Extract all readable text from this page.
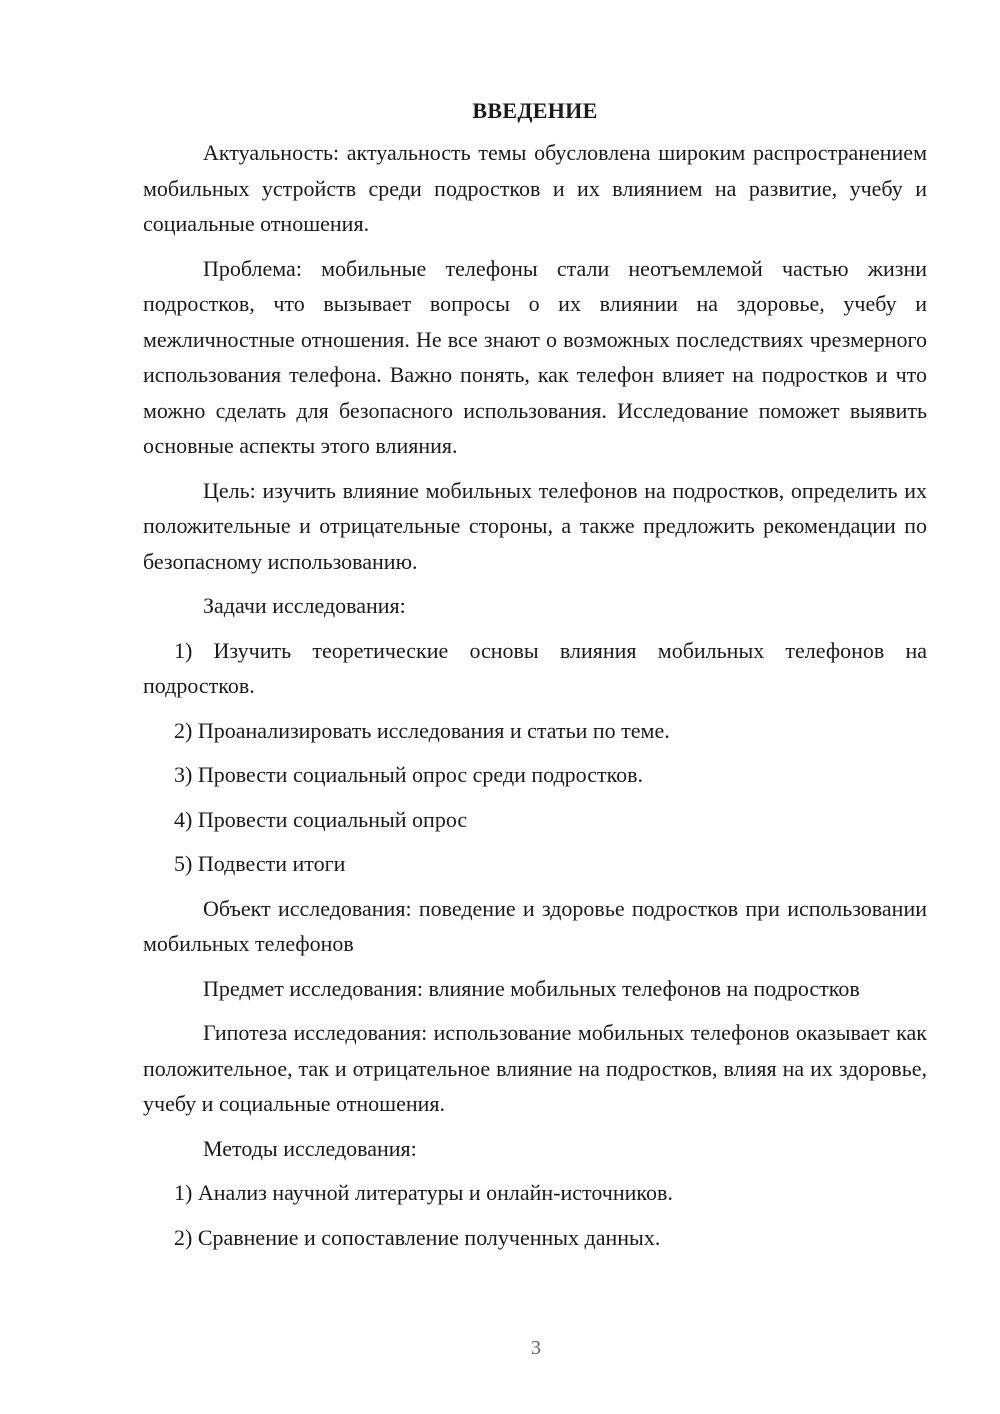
ВВЕДЕНИЕ

Актуальность: актуальность темы обусловлена широким распространением мобильных устройств среди подростков и их влиянием на развитие, учебу и социальные отношения.

Проблема: мобильные телефоны стали неотъемлемой частью жизни подростков, что вызывает вопросы о их влиянии на здоровье, учебу и межличностные отношения. Не все знают о возможных последствиях чрезмерного использования телефона. Важно понять, как телефон влияет на подростков и что можно сделать для безопасного использования. Исследование поможет выявить основные аспекты этого влияния.

Цель: изучить влияние мобильных телефонов на подростков, определить их положительные и отрицательные стороны, а также предложить рекомендации по безопасному использованию.

Задачи исследования:

1) Изучить теоретические основы влияния мобильных телефонов на подростков.

2) Проанализировать исследования и статьи по теме.

3) Провести социальный опрос среди подростков.

4) Провести социальный опрос

5) Подвести итоги

Объект исследования: поведение и здоровье подростков при использовании мобильных телефонов

Предмет исследования: влияние мобильных телефонов на подростков

Гипотеза исследования: использование мобильных телефонов оказывает как положительное, так и отрицательное влияние на подростков, влияя на их здоровье, учебу и социальные отношения.

Методы исследования:

1) Анализ научной литературы и онлайн-источников.

2) Сравнение и сопоставление полученных данных.

3
